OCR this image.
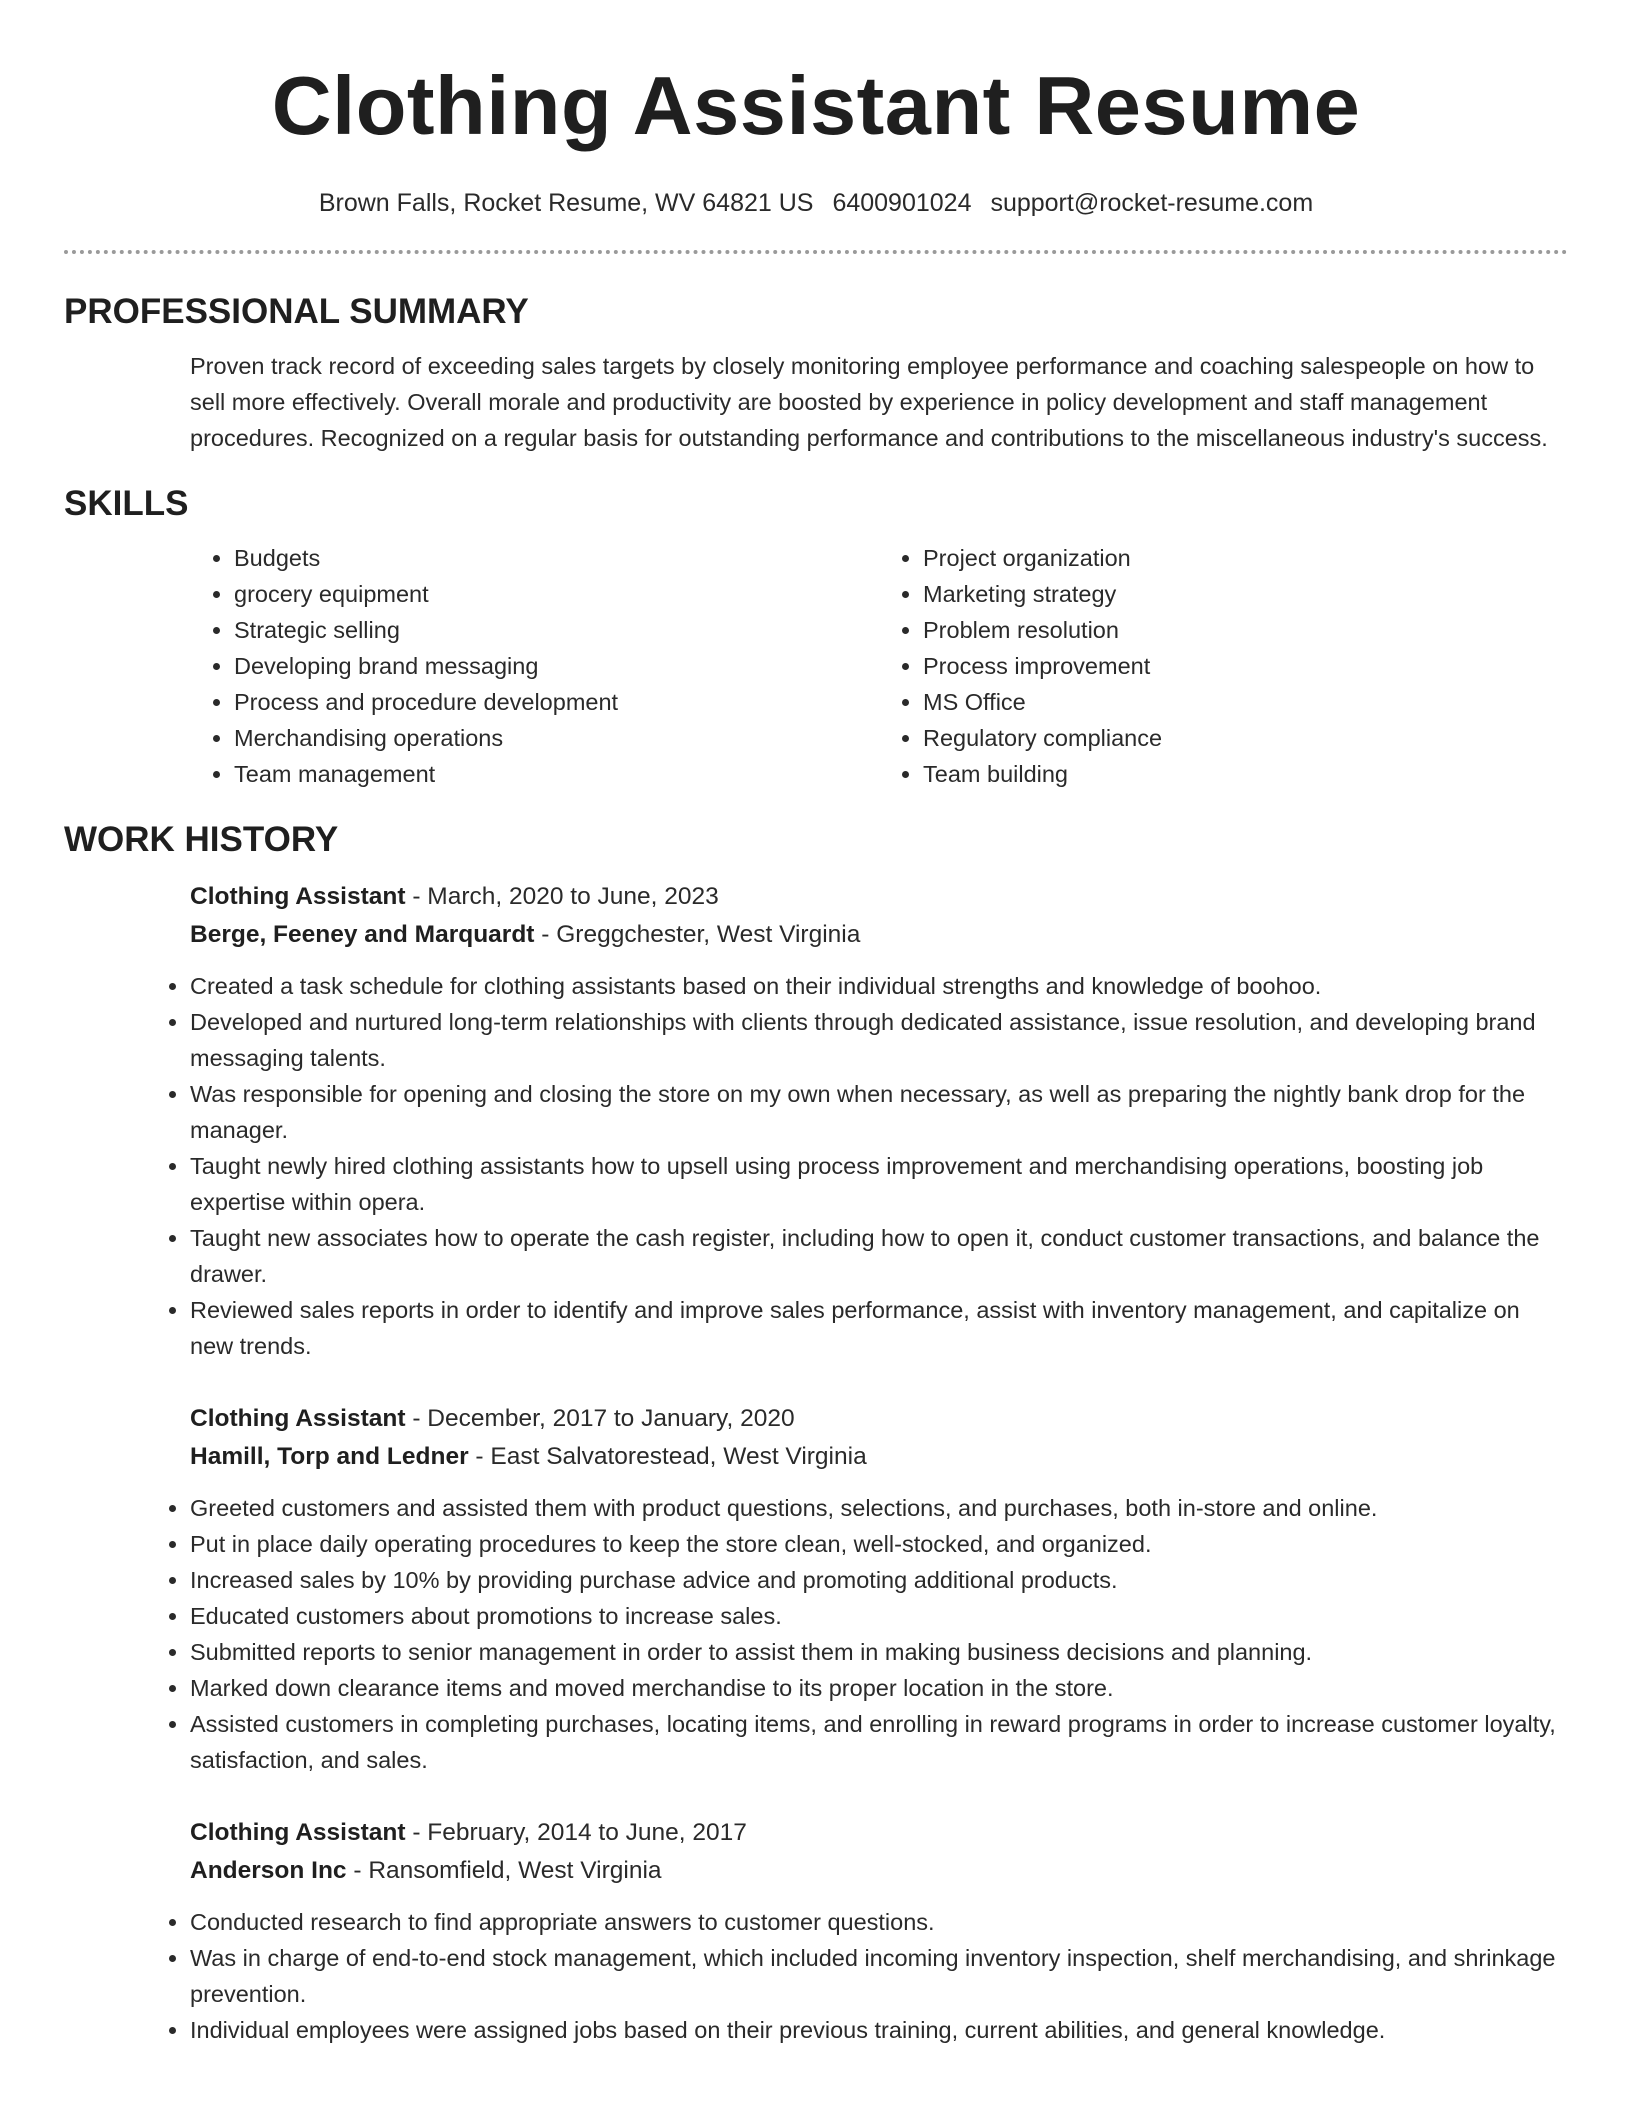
Clothing Assistant Resume
Brown Falls, Rocket Resume, WV 64821 US 6400901024 support@rocket-resume.com
PROFESSIONAL SUMMARY

Proven track record of exceeding sales targets by closely monitoring employee performance and coaching salespeople on how to sell more effectively. Overall morale and productivity are boosted by experience in policy development and staff management procedures. Recognized on a regular basis for outstanding performance and contributions to the miscellaneous industry's success.

SKILLS
• Budgets
• grocery equipment
• Strategic selling
• Developing brand messaging
• Process and procedure development
• Merchandising operations
• Team management
• Project organization
• Marketing strategy
• Problem resolution
• Process improvement
• MS Office
• Regulatory compliance
• Team building
WORK HISTORY
Clothing Assistant - March, 2020 to June, 2023
Berge, Feeney and Marquardt - Greggchester, West Virginia
• Created a task schedule for clothing assistants based on their individual strengths and knowledge of boohoo.
• Developed and nurtured long-term relationships with clients through dedicated assistance, issue resolution, and developing brand messaging talents.
• Was responsible for opening and closing the store on my own when necessary, as well as preparing the nightly bank drop for the manager.
• Taught newly hired clothing assistants how to upsell using process improvement and merchandising operations, boosting job expertise within opera.
• Taught new associates how to operate the cash register, including how to open it, conduct customer transactions, and balance the drawer.
• Reviewed sales reports in order to identify and improve sales performance, assist with inventory management, and capitalize on new trends.
Clothing Assistant - December, 2017 to January, 2020
Hamill, Torp and Ledner - East Salvatorestead, West Virginia
• Greeted customers and assisted them with product questions, selections, and purchases, both in-store and online.
• Put in place daily operating procedures to keep the store clean, well-stocked, and organized.
• Increased sales by 10% by providing purchase advice and promoting additional products.
• Educated customers about promotions to increase sales.
• Submitted reports to senior management in order to assist them in making business decisions and planning.
• Marked down clearance items and moved merchandise to its proper location in the store.
• Assisted customers in completing purchases, locating items, and enrolling in reward programs in order to increase customer loyalty, satisfaction, and sales.
Clothing Assistant - February, 2014 to June, 2017
Anderson Inc - Ransomfield, West Virginia
• Conducted research to find appropriate answers to customer questions.
• Was in charge of end-to-end stock management, which included incoming inventory inspection, shelf merchandising, and shrinkage prevention.
• Individual employees were assigned jobs based on their previous training, current abilities, and general knowledge.
